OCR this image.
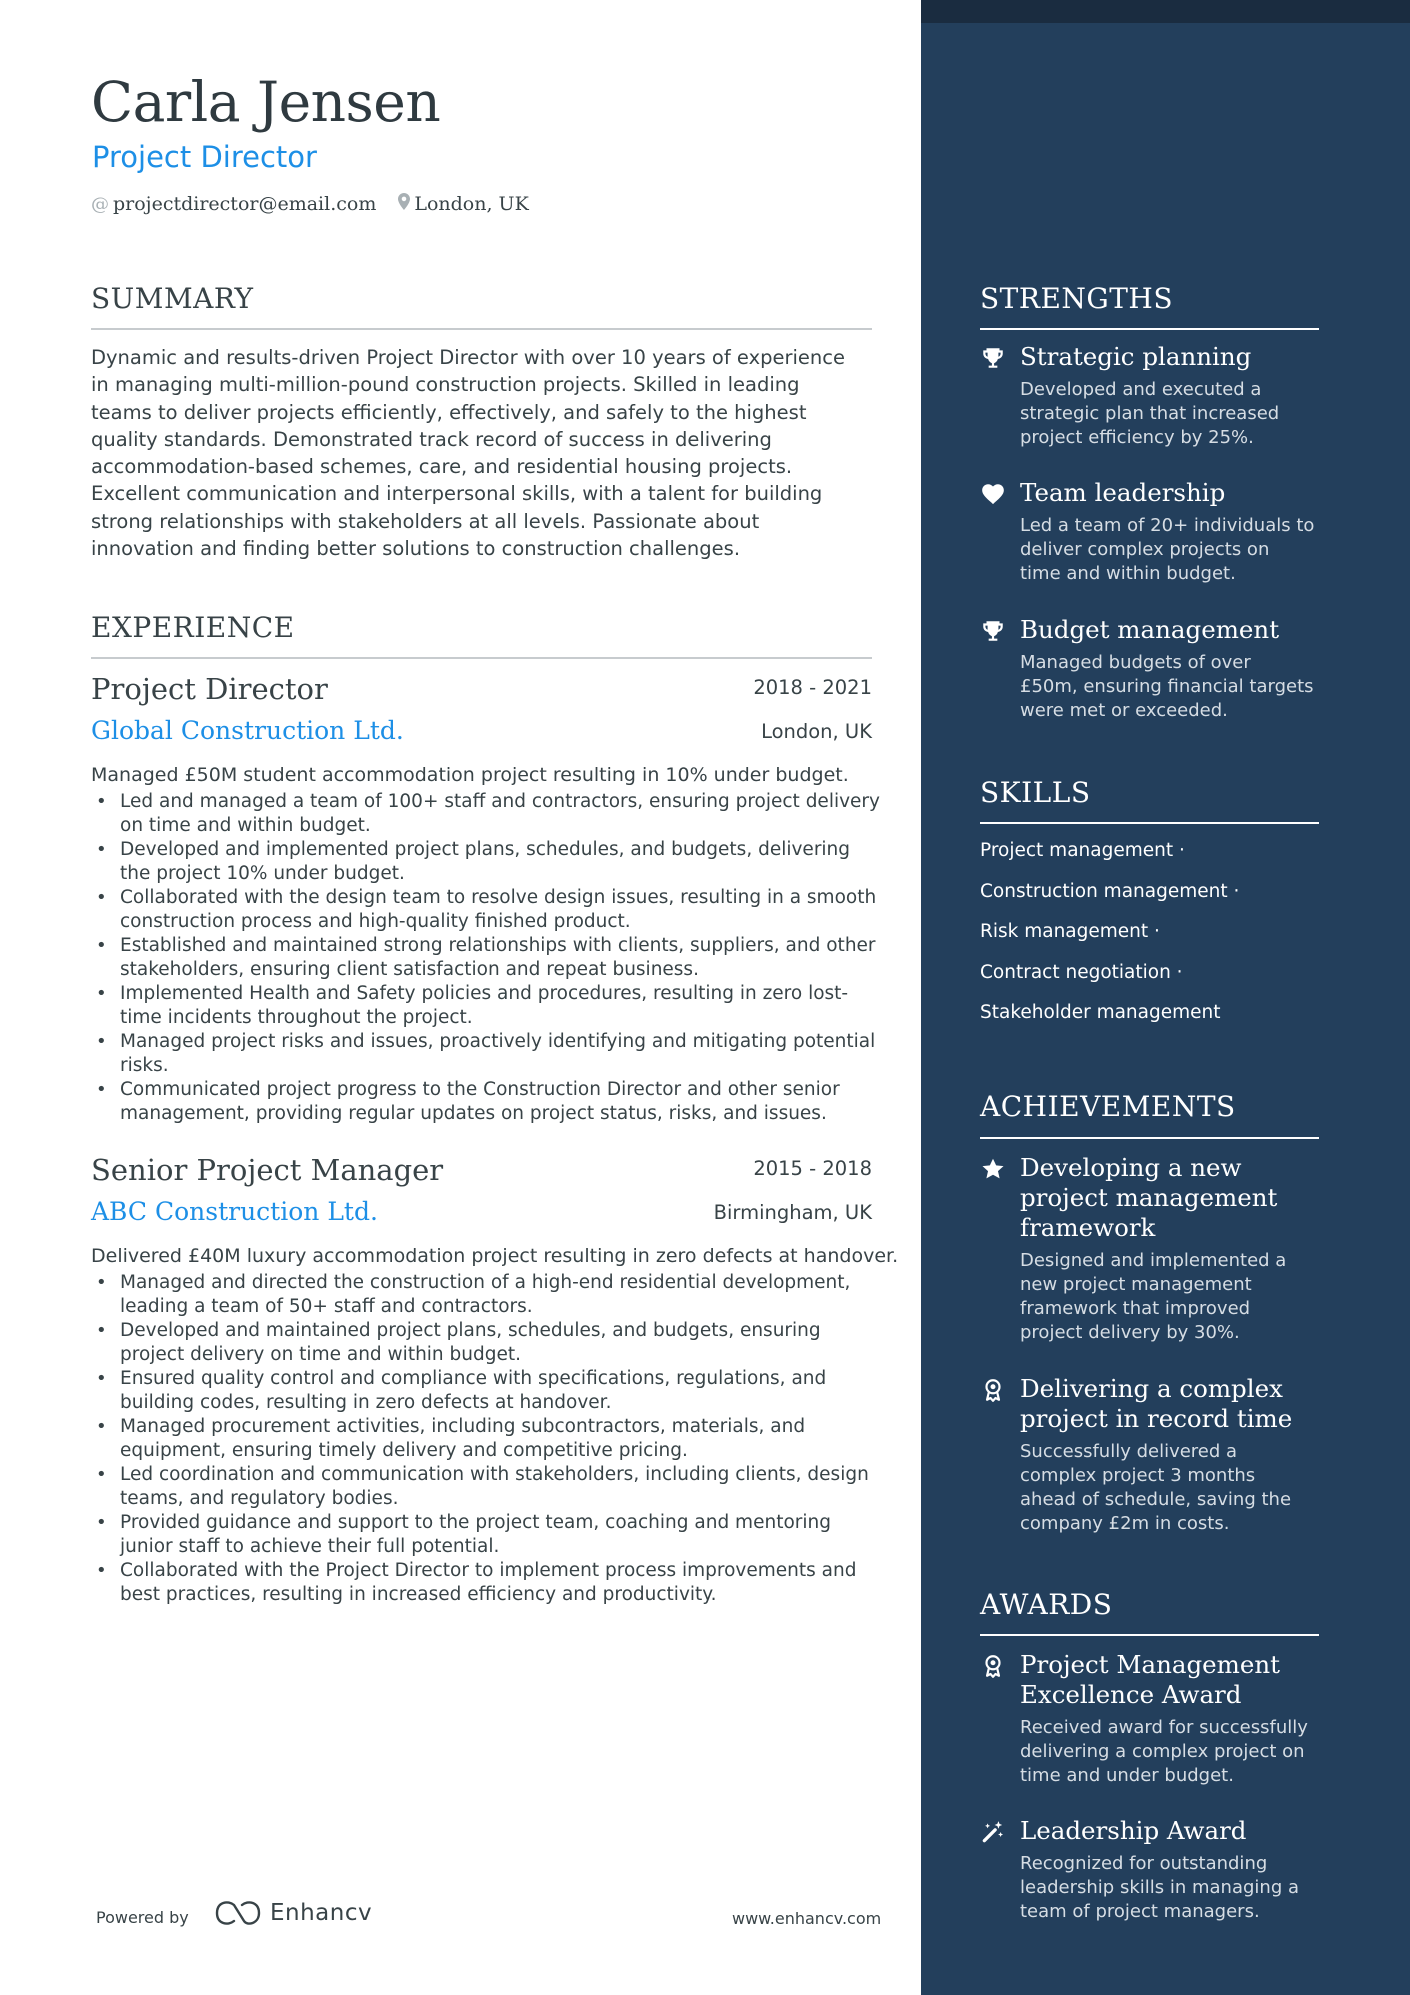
Carla Jensen
Project Director
@ projectdirector@email.com London, UK
SUMMARY
Dynamic and results-driven Project Director with over 10 years of experience
in managing multi-million-pound construction projects. Skilled in leading
teams to deliver projects efficiently, effectively, and safely to the highest
quality standards. Demonstrated track record of success in delivering
accommodation-based schemes, care, and residential housing projects.
Excellent communication and interpersonal skills, with a talent for building
strong relationships with stakeholders at all levels. Passionate about
innovation and finding better solutions to construction challenges.
EXPERIENCE
Project Director	2018 - 2021
Global Construction Ltd.	London, UK
Managed £50M student accommodation project resulting in 10% under budget.
• Led and managed a team of 100+ staff and contractors, ensuring project delivery
on time and within budget.
• Developed and implemented project plans, schedules, and budgets, delivering
the project 10% under budget.
• Collaborated with the design team to resolve design issues, resulting in a smooth
construction process and high-quality finished product.
• Established and maintained strong relationships with clients, suppliers, and other
stakeholders, ensuring client satisfaction and repeat business.
• Implemented Health and Safety policies and procedures, resulting in zero lost-
time incidents throughout the project.
• Managed project risks and issues, proactively identifying and mitigating potential
risks.
• Communicated project progress to the Construction Director and other senior
management, providing regular updates on project status, risks, and issues.
Senior Project Manager	2015 - 2018
ABC Construction Ltd.	Birmingham, UK
Delivered £40M luxury accommodation project resulting in zero defects at handover.
• Managed and directed the construction of a high-end residential development,
leading a team of 50+ staff and contractors.
• Developed and maintained project plans, schedules, and budgets, ensuring
project delivery on time and within budget.
• Ensured quality control and compliance with specifications, regulations, and
building codes, resulting in zero defects at handover.
• Managed procurement activities, including subcontractors, materials, and
equipment, ensuring timely delivery and competitive pricing.
• Led coordination and communication with stakeholders, including clients, design
teams, and regulatory bodies.
• Provided guidance and support to the project team, coaching and mentoring
junior staff to achieve their full potential.
• Collaborated with the Project Director to implement process improvements and
best practices, resulting in increased efficiency and productivity.
Powered by	Enhancv	www.enhancv.com
STRENGTHS
Strategic planning
Developed and executed a
strategic plan that increased
project efficiency by 25%.
Team leadership
Led a team of 20+ individuals to
deliver complex projects on
time and within budget.
Budget management
Managed budgets of over
£50m, ensuring financial targets
were met or exceeded.
SKILLS
Project management ·
Construction management ·
Risk management ·
Contract negotiation ·
Stakeholder management
ACHIEVEMENTS
Developing a new
project management
framework
Designed and implemented a
new project management
framework that improved
project delivery by 30%.
Delivering a complex
project in record time
Successfully delivered a
complex project 3 months
ahead of schedule, saving the
company £2m in costs.
AWARDS
Project Management
Excellence Award
Received award for successfully
delivering a complex project on
time and under budget.
Leadership Award
Recognized for outstanding
leadership skills in managing a
team of project managers.
